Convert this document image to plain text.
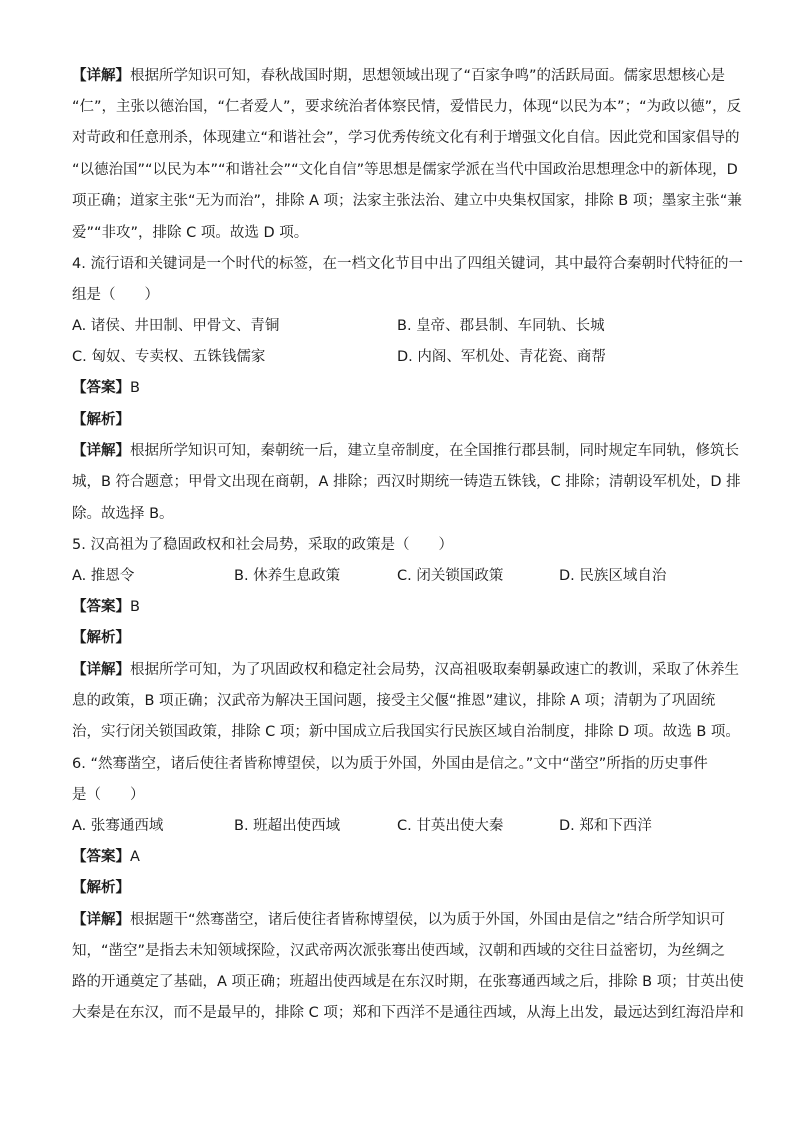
【详解】根据所学知识可知，春秋战国时期，思想领域出现了“百家争鸣”的活跃局面。儒家思想核心是
“仁”，主张以德治国，“仁者爱人”，要求统治者体察民情，爱惜民力，体现“以民为本”；“为政以德”，反
对苛政和任意刑杀，体现建立“和谐社会”，学习优秀传统文化有利于增强文化自信。因此党和国家倡导的
“以德治国”“以民为本”“和谐社会”“文化自信”等思想是儒家学派在当代中国政治思想理念中的新体现，D
项正确；道家主张“无为而治”，排除 A 项；法家主张法治、建立中央集权国家，排除 B 项；墨家主张“兼
爱”“非攻”，排除 C 项。故选 D 项。
4. 流行语和关键词是一个时代的标签，在一档文化节目中出了四组关键词，其中最符合秦朝时代特征的一
组是（　　）
A. 诸侯、井田制、甲骨文、青铜	B. 皇帝、郡县制、车同轨、长城
C. 匈奴、专卖权、五铢钱儒家	D. 内阁、军机处、青花瓷、商帮
【答案】B
【解析】
【详解】根据所学知识可知，秦朝统一后，建立皇帝制度，在全国推行郡县制，同时规定车同轨，修筑长
城，B 符合题意；甲骨文出现在商朝，A 排除；西汉时期统一铸造五铢钱，C 排除；清朝设军机处，D 排
除。故选择 B。
5. 汉高祖为了稳固政权和社会局势，采取的政策是（　　）
A. 推恩令	B. 休养生息政策	C. 闭关锁国政策	D. 民族区域自治
【答案】B
【解析】
【详解】根据所学可知，为了巩固政权和稳定社会局势，汉高祖吸取秦朝暴政速亡的教训，采取了休养生
息的政策，B 项正确；汉武帝为解决王国问题，接受主父偃“推恩”建议，排除 A 项；清朝为了巩固统
治，实行闭关锁国政策，排除 C 项；新中国成立后我国实行民族区域自治制度，排除 D 项。故选 B 项。
6. “然骞凿空，诸后使往者皆称博望侯，以为质于外国，外国由是信之。”文中“凿空”所指的历史事件
是（　　）
A. 张骞通西域	B. 班超出使西域	C. 甘英出使大秦	D. 郑和下西洋
【答案】A
【解析】
【详解】根据题干“然骞凿空，诸后使往者皆称博望侯，以为质于外国，外国由是信之”结合所学知识可
知，“凿空”是指去未知领域探险，汉武帝两次派张骞出使西域，汉朝和西域的交往日益密切，为丝绸之
路的开通奠定了基础，A 项正确；班超出使西域是在东汉时期，在张骞通西域之后，排除 B 项；甘英出使
大秦是在东汉，而不是最早的，排除 C 项；郑和下西洋不是通往西域，从海上出发，最远达到红海沿岸和
